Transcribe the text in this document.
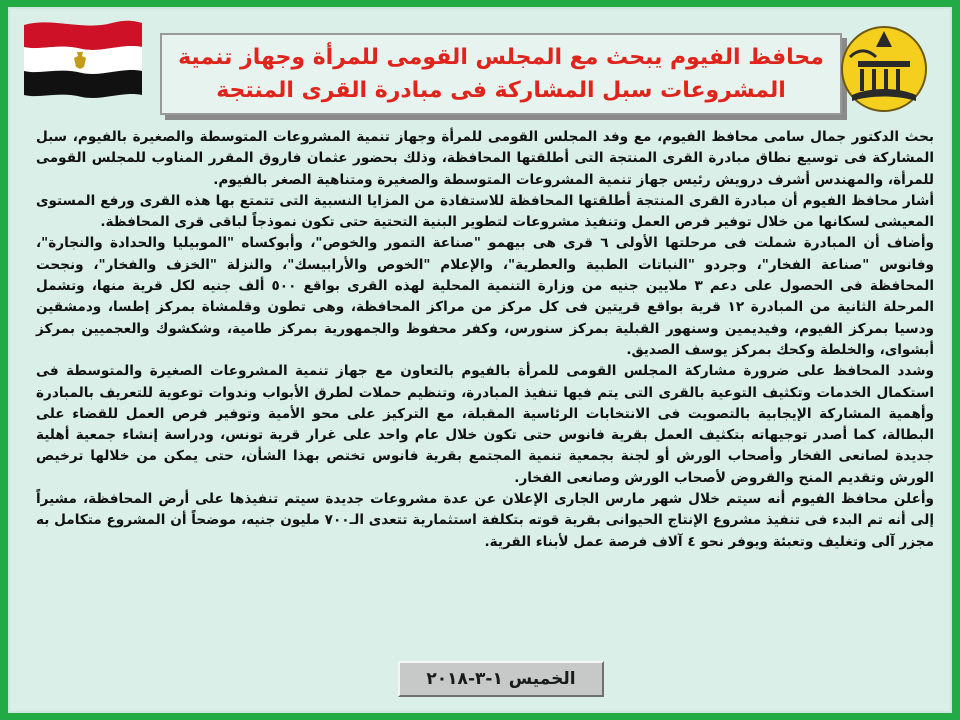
محافظ الفيوم يبحث مع المجلس القومى للمرأة وجهاز تنمية
المشروعات سبل المشاركة فى مبادرة القرى المنتجة

بحث الدكتور جمال سامى محافظ الفيوم، مع وفد المجلس القومى للمرأة وجهاز تنمية المشروعات المتوسطة والصغيرة بالفيوم، سبل المشاركة فى توسيع نطاق مبادرة القرى المنتجة التى أطلقتها المحافظة، وذلك بحضور عثمان فاروق المقرر المناوب للمجلس القومى للمرأة، والمهندس أشرف درويش رئيس جهاز تنمية المشروعات المتوسطة والصغيرة ومتناهية الصغر بالفيوم.

أشار محافظ الفيوم أن مبادرة القرى المنتجة أطلقتها المحافظة للاستفادة من المزايا النسبية التى تتمتع بها هذه القرى ورفع المستوى المعيشى لسكانها من خلال توفير فرص العمل وتنفيذ مشروعات لتطوير البنية التحتية حتى تكون نموذجاً لباقى قرى المحافظة.

وأضاف أن المبادرة شملت فى مرحلتها الأولى ٦ قرى هى بيهمو "صناعة التمور والخوص"، وأبوكساه "الموبيليا والحدادة والنجارة"، وفانوس "صناعة الفخار"، وجردو "النباتات الطبية والعطرية"، والإعلام "الخوص والأرابيسك"، والنزلة "الخزف والفخار"، ونجحت المحافظة فى الحصول على دعم ٣ ملايين جنيه من وزارة التنمية المحلية لهذه القرى بواقع ٥٠٠ ألف جنيه لكل قرية منها، وتشمل المرحلة الثانية من المبادرة ١٢ قرية بواقع قريتين فى كل مركز من مراكز المحافظة، وهى تطون وقلمشاة بمركز إطسا، ودمشقين ودسيا بمركز الفيوم، وفيديمين وسنهور القبلية بمركز سنورس، وكفر محفوظ والجمهورية بمركز طامية، وشكشوك والعجميين بمركز أبشواى، والخلطة وكحك بمركز يوسف الصديق.

وشدد المحافظ على ضرورة مشاركة المجلس القومى للمرأة بالفيوم بالتعاون مع جهاز تنمية المشروعات الصغيرة والمتوسطة فى استكمال الخدمات وتكثيف التوعية بالقرى التى يتم فيها تنفيذ المبادرة، وتنظيم حملات لطرق الأبواب وندوات توعوية للتعريف بالمبادرة وأهمية المشاركة الإيجابية بالتصويت فى الانتخابات الرئاسية المقبلة، مع التركيز على محو الأمية وتوفير فرص العمل للقضاء على البطالة، كما أصدر توجيهاته بتكثيف العمل بقرية فانوس حتى تكون خلال عام واحد على غرار قرية تونس، ودراسة إنشاء جمعية أهلية جديدة لصانعى الفخار وأصحاب الورش أو لجنة بجمعية تنمية المجتمع بقرية فانوس تختص بهذا الشأن، حتى يمكن من خلالها ترخيص الورش وتقديم المنح والقروض لأصحاب الورش وصانعى الفخار.

وأعلن محافظ الفيوم أنه سيتم خلال شهر مارس الجارى الإعلان عن عدة مشروعات جديدة سيتم تنفيذها على أرض المحافظة، مشيراً إلى أنه تم البدء فى تنفيذ مشروع الإنتاج الحيوانى بقرية قوته بتكلفة استثمارية تتعدى الـ٧٠٠ مليون جنيه، موضحاً أن المشروع متكامل به مجزر آلى وتغليف وتعبئة ويوفر نحو ٤ آلاف فرصة عمل لأبناء القرية.

الخميس ١-٣-٢٠١٨
